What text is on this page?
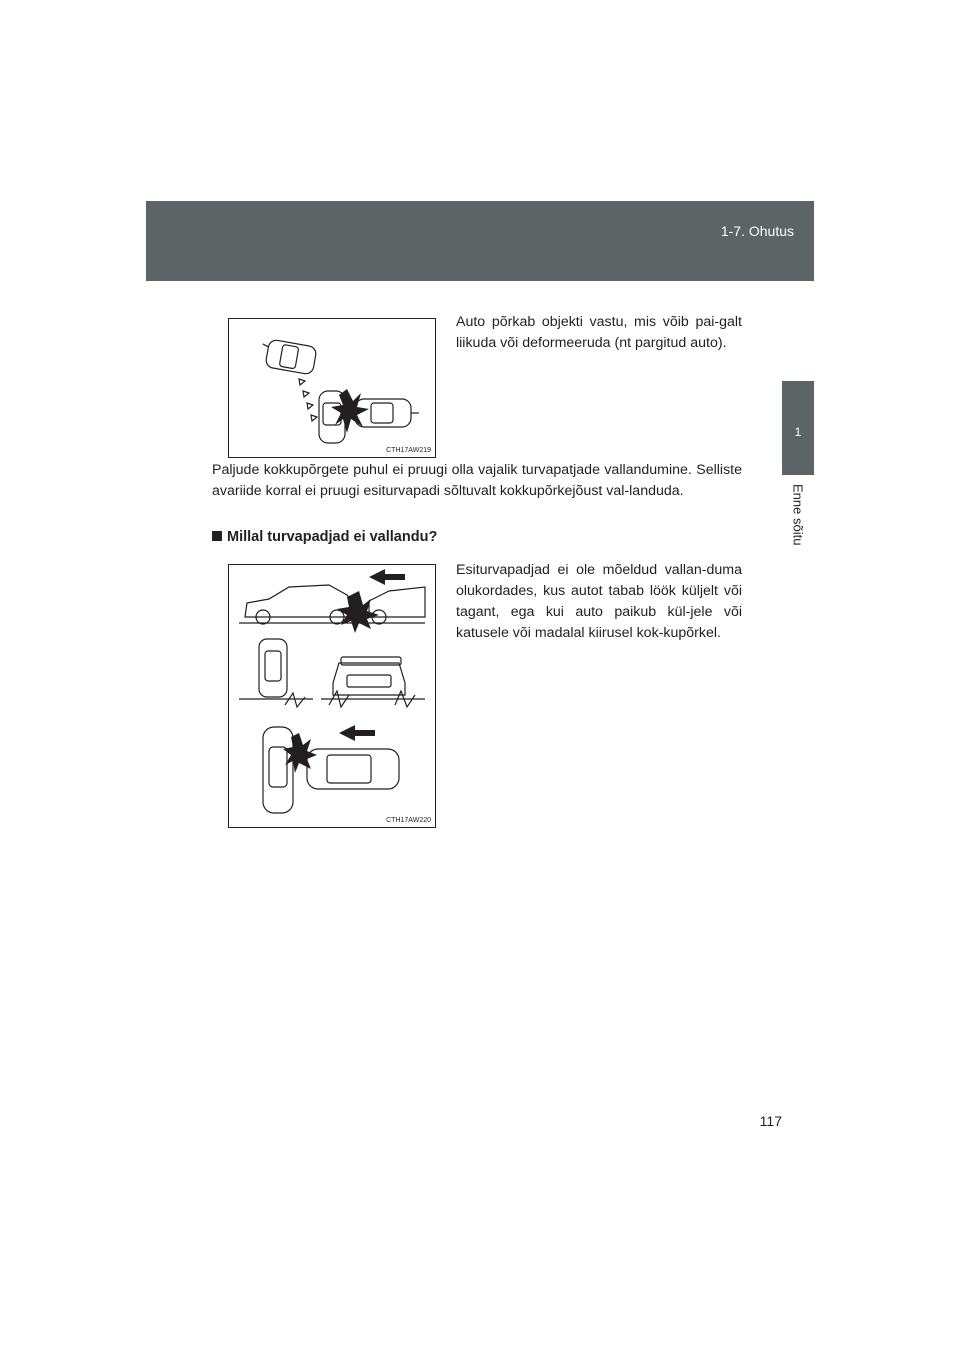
1-7. Ohutus
1
Enne sõitu
CTH17AW219
Auto põrkab objekti vastu, mis võib pai-galt liikuda või deformeeruda (nt pargitud auto).
Paljude kokkupõrgete puhul ei pruugi olla vajalik turvapatjade vallandumine. Selliste avariide korral ei pruugi esiturvapadi sõltuvalt kokkupõrkejõust val-landuda.
Millal turvapadjad ei vallandu?
CTH17AW220
Esiturvapadjad ei ole mõeldud vallan-duma olukordades, kus autot tabab löök küljelt või tagant, ega kui auto paikub kül-jele või katusele või madalal kiirusel kok-kupõrkel.
117
